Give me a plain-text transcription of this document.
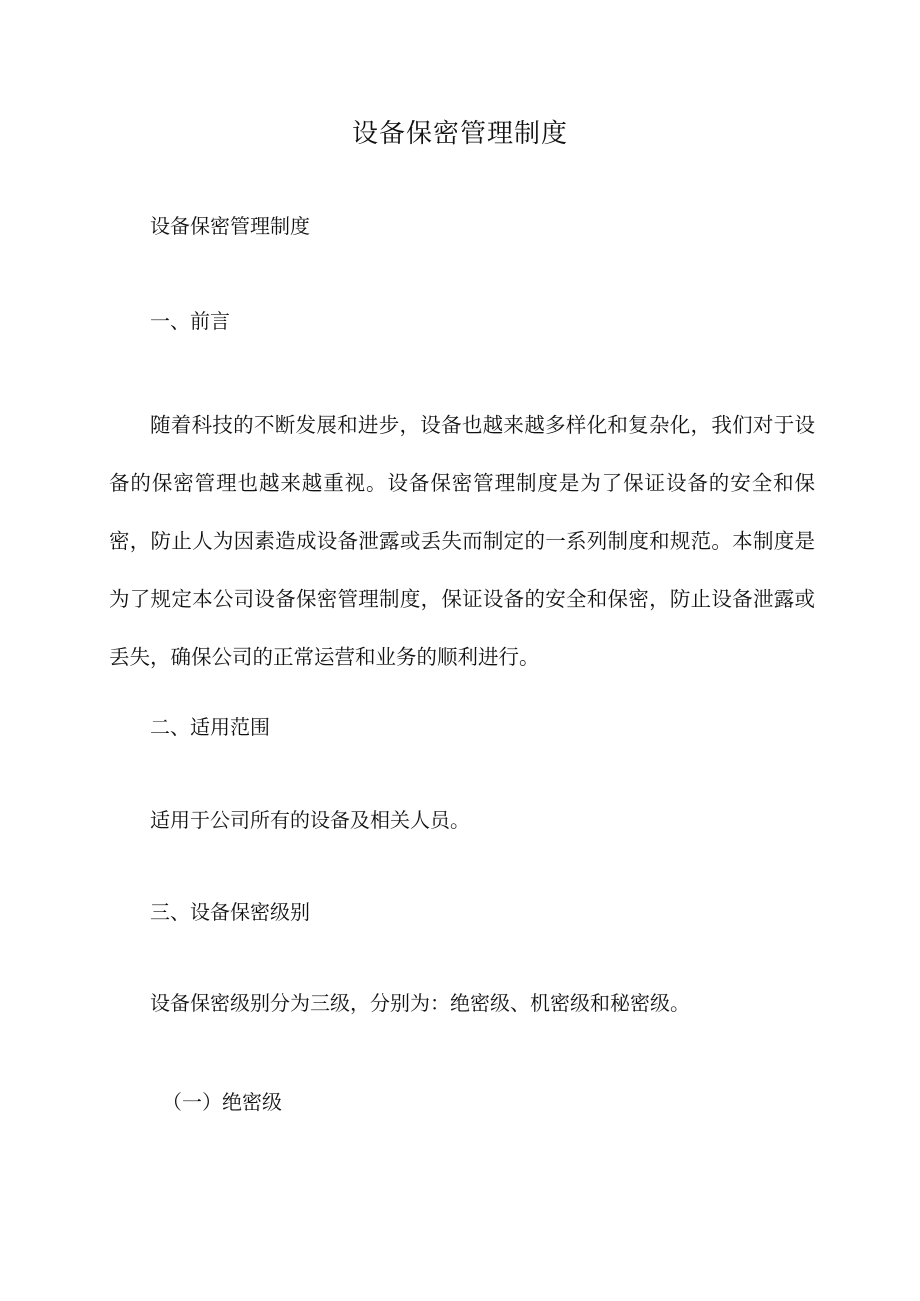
设备保密管理制度
设备保密管理制度
一、前言
随着科技的不断发展和进步，设备也越来越多样化和复杂化，我们对于设备的保密管理也越来越重视。设备保密管理制度是为了保证设备的安全和保密，防止人为因素造成设备泄露或丢失而制定的一系列制度和规范。本制度是为了规定本公司设备保密管理制度，保证设备的安全和保密，防止设备泄露或丢失，确保公司的正常运营和业务的顺利进行。
二、适用范围
适用于公司所有的设备及相关人员。
三、设备保密级别
设备保密级别分为三级，分别为：绝密级、机密级和秘密级。
（一）绝密级
